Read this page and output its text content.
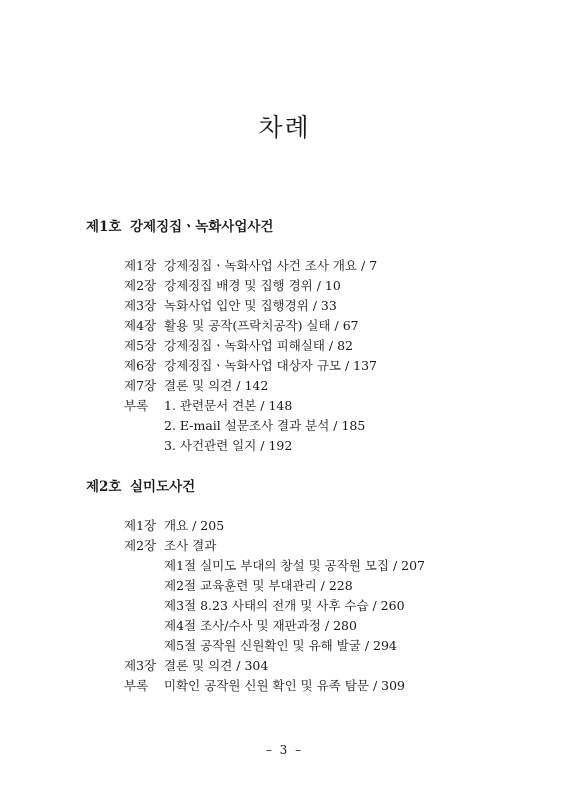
차례
제1호 강제징집ㆍ녹화사업사건
제1장 강제징집ㆍ녹화사업 사건 조사 개요 / 7
제2장 강제징집 배경 및 집행 경위 / 10
제3장 녹화사업 입안 및 집행경위 / 33
제4장 활용 및 공작(프락치공작) 실태 / 67
제5장 강제징집ㆍ녹화사업 피해실태 / 82
제6장 강제징집ㆍ녹화사업 대상자 규모 / 137
제7장 결론 및 의견 / 142
부록 1. 관련문서 견본 / 148
2. E-mail 설문조사 결과 분석 / 185
3. 사건관련 일지 / 192
제2호 실미도사건
제1장 개요 / 205
제2장 조사 결과
제1절 실미도 부대의 창설 및 공작원 모집 / 207
제2절 교육훈련 및 부대관리 / 228
제3절 8.23 사태의 전개 및 사후 수습 / 260
제4절 조사/수사 및 재판과정 / 280
제5절 공작원 신원확인 및 유해 발굴 / 294
제3장 결론 및 의견 / 304
부록 미확인 공작원 신원 확인 및 유족 탐문 / 309
– 3 –
